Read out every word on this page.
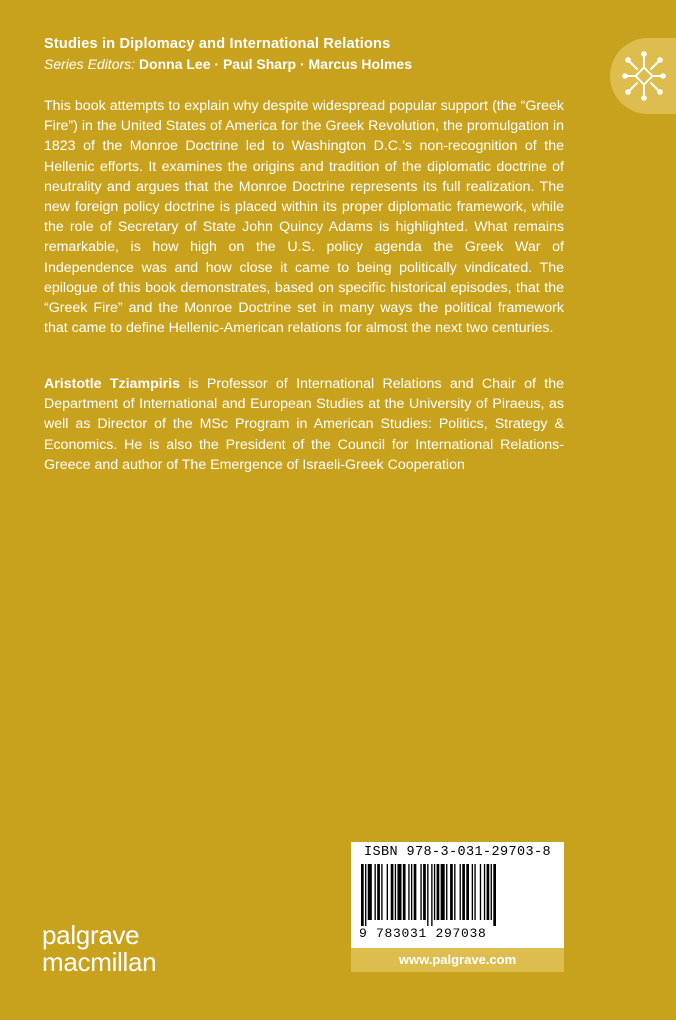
Studies in Diplomacy and International Relations
Series Editors: Donna Lee · Paul Sharp · Marcus Holmes

This book attempts to explain why despite widespread popular support (the “Greek Fire”) in the United States of America for the Greek Revolution, the promulgation in 1823 of the Monroe Doctrine led to Washington D.C.’s non-recognition of the Hellenic efforts. It examines the origins and tradition of the diplomatic doctrine of neutrality and argues that the Monroe Doctrine represents its full realization. The new foreign policy doctrine is placed within its proper diplomatic framework, while the role of Secretary of State John Quincy Adams is highlighted. What remains remarkable, is how high on the U.S. policy agenda the Greek War of Independence was and how close it came to being politically vindicated. The epilogue of this book demonstrates, based on specific historical episodes, that the “Greek Fire” and the Monroe Doctrine set in many ways the political framework that came to define Hellenic-American relations for almost the next two centuries.

Aristotle Tziampiris is Professor of International Relations and Chair of the Department of International and European Studies at the University of Piraeus, as well as Director of the MSc Program in American Studies: Politics, Strategy & Economics. He is also the President of the Council for International Relations-Greece and author of The Emergence of Israeli-Greek Cooperation

palgrave
macmillan
ISBN 978-3-031-29703-8
9 783031 297038
www.palgrave.com
